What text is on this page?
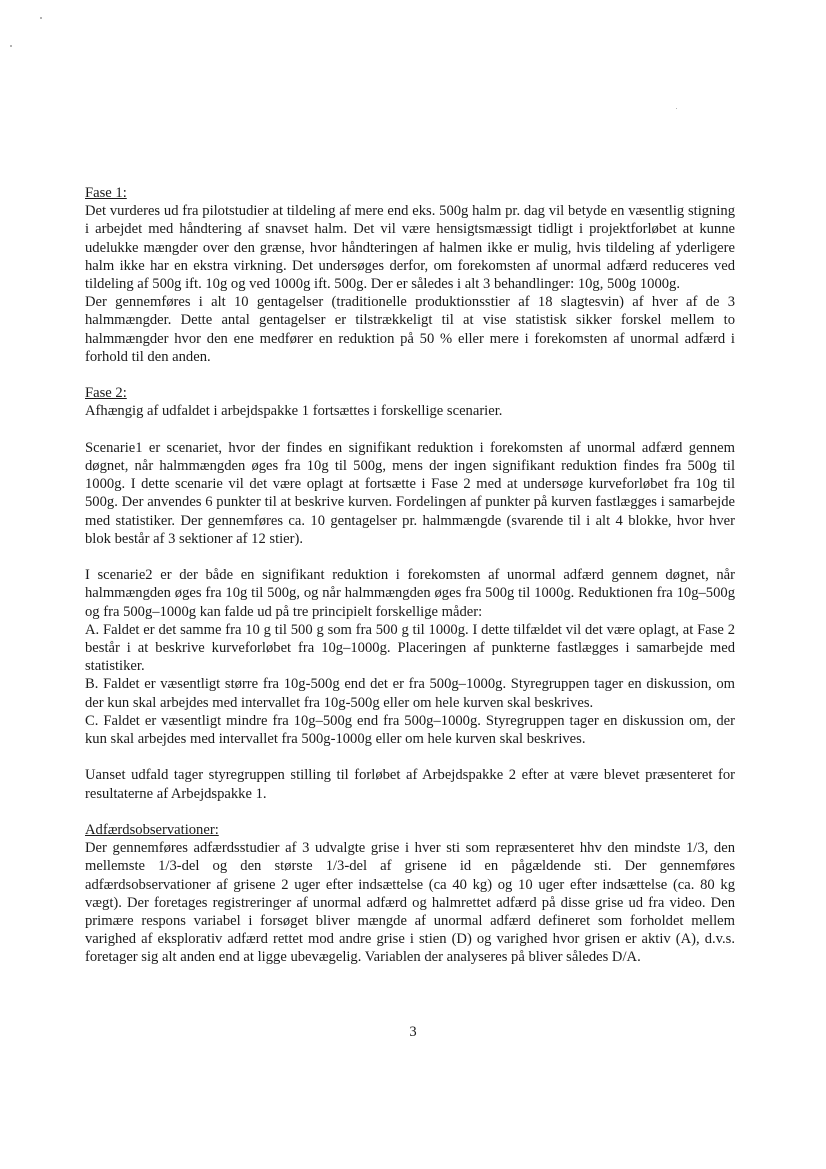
Fase 1:

Det vurderes ud fra pilotstudier at tildeling af mere end eks. 500g halm pr. dag vil betyde en væsentlig stigning i arbejdet med håndtering af snavset halm. Det vil være hensigtsmæssigt tidligt i projektforløbet at kunne udelukke mængder over den grænse, hvor håndteringen af halmen ikke er mulig, hvis tildeling af yderligere halm ikke har en ekstra virkning. Det undersøges derfor, om forekomsten af unormal adfærd reduceres ved tildeling af 500g ift. 10g og ved 1000g ift. 500g. Der er således i alt 3 behandlinger: 10g, 500g 1000g.

Der gennemføres i alt 10 gentagelser (traditionelle produktionsstier af 18 slagtesvin) af hver af de 3 halmmængder. Dette antal gentagelser er tilstrækkeligt til at vise statistisk sikker forskel mellem to halmmængder hvor den ene medfører en reduktion på 50 % eller mere i forekomsten af unormal adfærd i forhold til den anden.

Fase 2:

Afhængig af udfaldet i arbejdspakke 1 fortsættes i forskellige scenarier.

Scenarie1 er scenariet, hvor der findes en signifikant reduktion i forekomsten af unormal adfærd gennem døgnet, når halmmængden øges fra 10g til 500g, mens der ingen signifikant reduktion findes fra 500g til 1000g. I dette scenarie vil det være oplagt at fortsætte i Fase 2 med at undersøge kurveforløbet fra 10g til 500g. Der anvendes 6 punkter til at beskrive kurven. Fordelingen af punkter på kurven fastlægges i samarbejde med statistiker. Der gennemføres ca. 10 gentagelser pr. halmmængde (svarende til i alt 4 blokke, hvor hver blok består af 3 sektioner af 12 stier).

I scenarie2 er der både en signifikant reduktion i forekomsten af unormal adfærd gennem døgnet, når halmmængden øges fra 10g til 500g, og når halmmængden øges fra 500g til 1000g. Reduktionen fra 10g–500g og fra 500g–1000g kan falde ud på tre principielt forskellige måder:

A. Faldet er det samme fra 10 g til 500 g som fra 500 g til 1000g. I dette tilfældet vil det være oplagt, at Fase 2 består i at beskrive kurveforløbet fra 10g–1000g. Placeringen af punkterne fastlægges i samarbejde med statistiker.

B. Faldet er væsentligt større fra 10g-500g end det er fra 500g–1000g. Styregruppen tager en diskussion, om der kun skal arbejdes med intervallet fra 10g-500g eller om hele kurven skal beskrives.

C. Faldet er væsentligt mindre fra 10g–500g end fra 500g–1000g. Styregruppen tager en diskussion om, der kun skal arbejdes med intervallet fra 500g-1000g eller om hele kurven skal beskrives.

Uanset udfald tager styregruppen stilling til forløbet af Arbejdspakke 2 efter at være blevet præsenteret for resultaterne af Arbejdspakke 1.

Adfærdsobservationer:

Der gennemføres adfærdsstudier af 3 udvalgte grise i hver sti som repræsenteret hhv den mindste 1/3, den mellemste 1/3-del og den største 1/3-del af grisene id en pågældende sti. Der gennemføres adfærdsobservationer af grisene 2 uger efter indsættelse (ca 40 kg) og 10 uger efter indsættelse (ca. 80 kg vægt). Der foretages registreringer af unormal adfærd og halmrettet adfærd på disse grise ud fra video. Den primære respons variabel i forsøget bliver mængde af unormal adfærd defineret som forholdet mellem varighed af eksplorativ adfærd rettet mod andre grise i stien (D) og varighed hvor grisen er aktiv (A), d.v.s. foretager sig alt anden end at ligge ubevægelig. Variablen der analyseres på bliver således D/A.

3
